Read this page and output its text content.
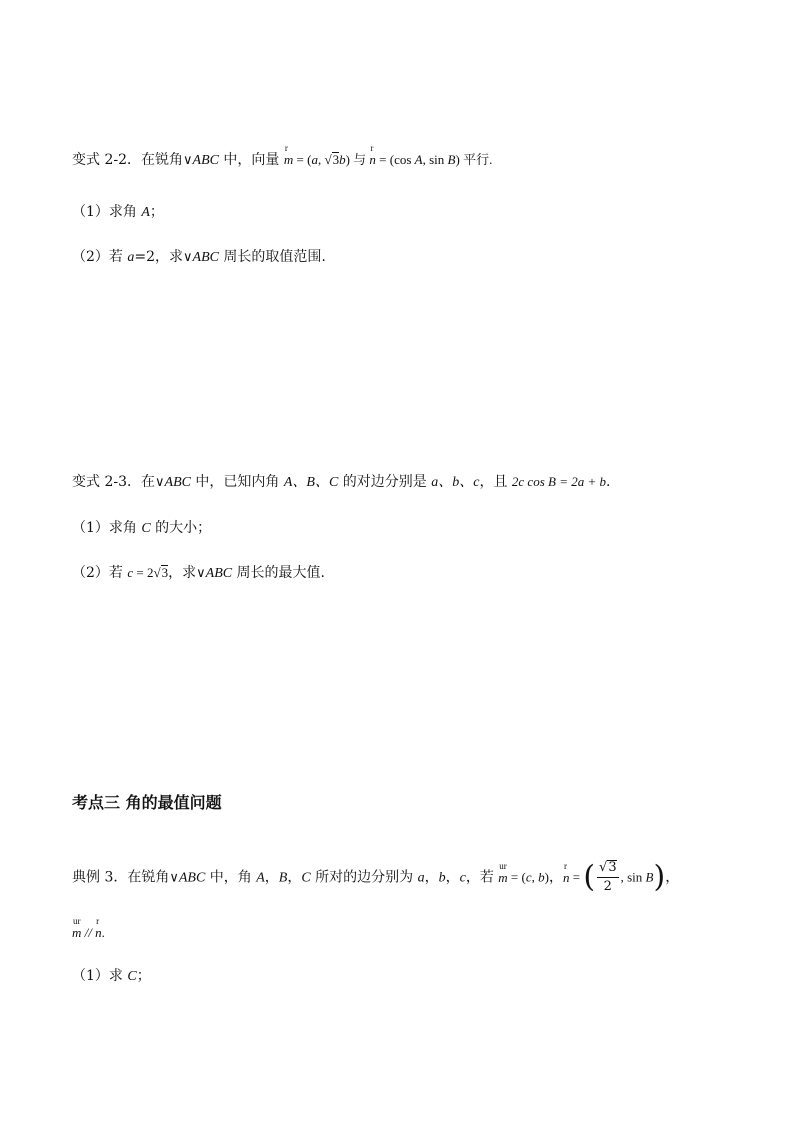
变式 2-2．在锐角∨ABC 中，向量 r m = (a, √3b) 与 r n = (cos A, sin B) 平行.
（1）求角 A；
（2）若 a=2，求∨ABC 周长的取值范围.
变式 2-3．在∨ABC 中，已知内角 A、B、C 的对边分别是 a、b、c，且 2c cos B = 2a + b.
（1）求角 C 的大小；
（2）若 c = 2√3，求∨ABC 周长的最大值.
考点三 角的最值问题
典例 3．在锐角∨ABC 中，角 A，B，C 所对的边分别为 a，b，c，若 ur m = (c, b)，r n = ( $\frac{√3}{2}$ , sin B)，
ur m // r n.
（1）求 C；
